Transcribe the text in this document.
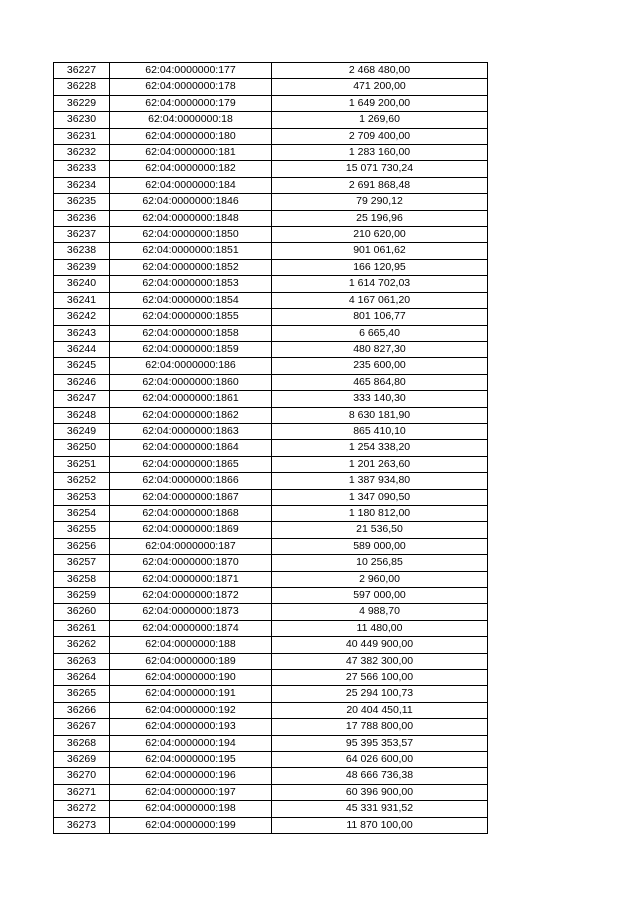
36227	62:04:0000000:177	2 468 480,00
36228	62:04:0000000:178	471 200,00
36229	62:04:0000000:179	1 649 200,00
36230	62:04:0000000:18	1 269,60
36231	62:04:0000000:180	2 709 400,00
36232	62:04:0000000:181	1 283 160,00
36233	62:04:0000000:182	15 071 730,24
36234	62:04:0000000:184	2 691 868,48
36235	62:04:0000000:1846	79 290,12
36236	62:04:0000000:1848	25 196,96
36237	62:04:0000000:1850	210 620,00
36238	62:04:0000000:1851	901 061,62
36239	62:04:0000000:1852	166 120,95
36240	62:04:0000000:1853	1 614 702,03
36241	62:04:0000000:1854	4 167 061,20
36242	62:04:0000000:1855	801 106,77
36243	62:04:0000000:1858	6 665,40
36244	62:04:0000000:1859	480 827,30
36245	62:04:0000000:186	235 600,00
36246	62:04:0000000:1860	465 864,80
36247	62:04:0000000:1861	333 140,30
36248	62:04:0000000:1862	8 630 181,90
36249	62:04:0000000:1863	865 410,10
36250	62:04:0000000:1864	1 254 338,20
36251	62:04:0000000:1865	1 201 263,60
36252	62:04:0000000:1866	1 387 934,80
36253	62:04:0000000:1867	1 347 090,50
36254	62:04:0000000:1868	1 180 812,00
36255	62:04:0000000:1869	21 536,50
36256	62:04:0000000:187	589 000,00
36257	62:04:0000000:1870	10 256,85
36258	62:04:0000000:1871	2 960,00
36259	62:04:0000000:1872	597 000,00
36260	62:04:0000000:1873	4 988,70
36261	62:04:0000000:1874	11 480,00
36262	62:04:0000000:188	40 449 900,00
36263	62:04:0000000:189	47 382 300,00
36264	62:04:0000000:190	27 566 100,00
36265	62:04:0000000:191	25 294 100,73
36266	62:04:0000000:192	20 404 450,11
36267	62:04:0000000:193	17 788 800,00
36268	62:04:0000000:194	95 395 353,57
36269	62:04:0000000:195	64 026 600,00
36270	62:04:0000000:196	48 666 736,38
36271	62:04:0000000:197	60 396 900,00
36272	62:04:0000000:198	45 331 931,52
36273	62:04:0000000:199	11 870 100,00
